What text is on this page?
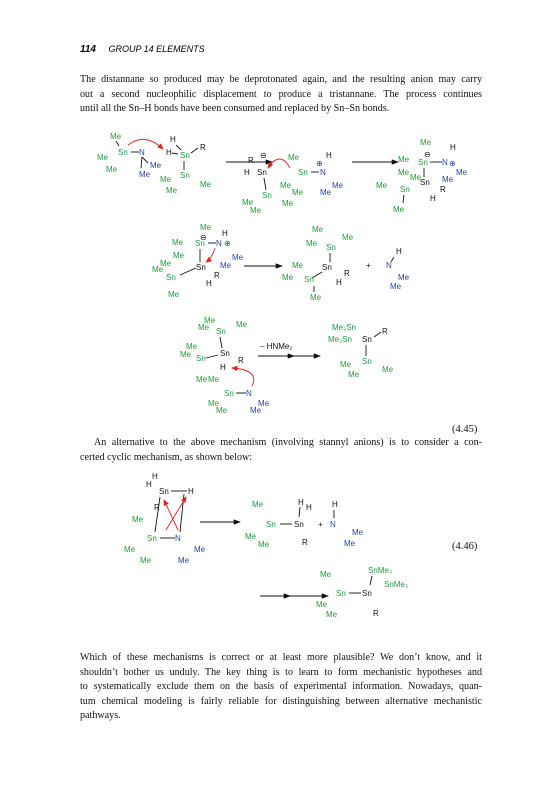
114 GROUP 14 ELEMENTS
The distannane so produced may be deprotonated again, and the resulting anion may carry
out a second nucleophilic displacement to produce a tristannane. The process continues
until all the Sn–H bonds have been consumed and replaced by Sn–Sn bonds.
(4.45)
An alternative to the above mechanism (involving stannyl anions) is to consider a con-
certed cyclic mechanism, as shown below:
(4.46)
Which of these mechanisms is correct or at least more plausible? We don’t know, and it
shouldn’t bother us unduly. The key thing is to learn to form mechanistic hypotheses and
to systematically exclude them on the basis of experimental information. Nowadays, quan-
tum chemical modeling is fairly reliable for distinguishing between alternative mechanistic
pathways.
Me
Sn N
Me
Me	Me
Me
H
H Sn
R
Sn
Me
Me
Me
R
H Sn
⊖
Sn
Me	Me
Me
Sn N
⊕
Me	H
Me
Me
Me
Me
Me
H
Sn
⊖
N ⊕
Me
Me
Me
Me Sn
Sn
R
H
Me
Me
Me
Me
H
Sn N ⊕
⊖
Me
Me	Me
Me
Me
Me
Sn
Sn
R
H
Me
Me
Me
Me Sn
Me Sn
R
H
Me Sn
Me
+
H
N
Me
Me
Me
Me	Me
Sn
Me
Me Sn
Sn
R
H
Me Me
Sn N
Me
Me
Me
Me
– HNMe₂
Me₂Sn
Me₂Sn Sn
R
Sn
Me
Me
Me
H
H
Sn H
R
Me
Sn N
Me
Me
Me
Me
Me	H
H
Sn Sn
Me
Me	R
+
H
N
Me
Me
Me	SnMe₃
SnMe₃
Sn Sn
Me
Me	R
